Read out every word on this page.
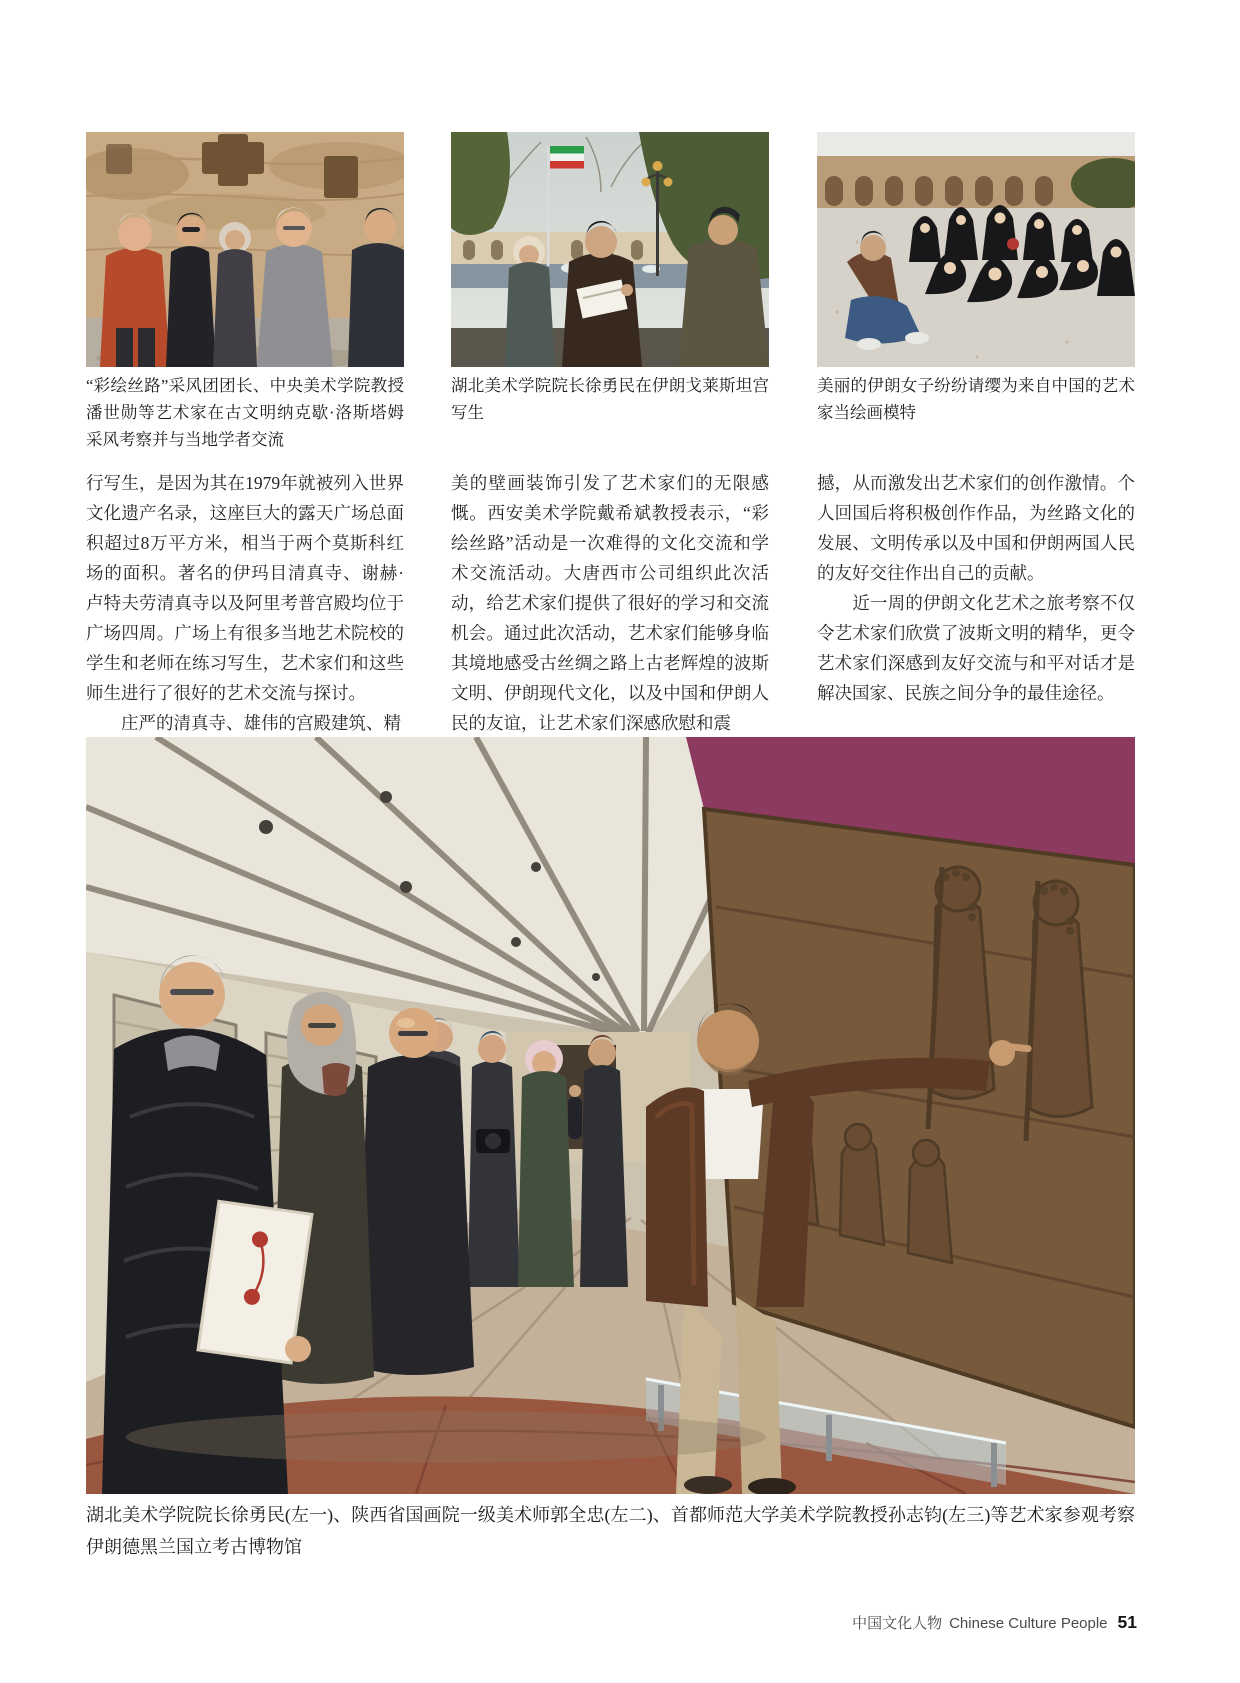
“彩绘丝路”采风团团长、中央美术学院教授潘世勋等艺术家在古文明纳克歇·洛斯塔姆采风考察并与当地学者交流
湖北美术学院院长徐勇民在伊朗戈莱斯坦宫写生
美丽的伊朗女子纷纷请缨为来自中国的艺术家当绘画模特

行写生，是因为其在1979年就被列入世界文化遗产名录，这座巨大的露天广场总面积超过8万平方米，相当于两个莫斯科红场的面积。著名的伊玛目清真寺、谢赫·卢特夫劳清真寺以及阿里考普宫殿均位于广场四周。广场上有很多当地艺术院校的学生和老师在练习写生，艺术家们和这些师生进行了很好的艺术交流与探讨。

　　庄严的清真寺、雄伟的宫殿建筑、精

美的壁画装饰引发了艺术家们的无限感慨。西安美术学院戴希斌教授表示，“彩绘丝路”活动是一次难得的文化交流和学术交流活动。大唐西市公司组织此次活动，给艺术家们提供了很好的学习和交流机会。通过此次活动，艺术家们能够身临其境地感受古丝绸之路上古老辉煌的波斯文明、伊朗现代文化，以及中国和伊朗人民的友谊，让艺术家们深感欣慰和震

撼，从而激发出艺术家们的创作激情。个人回国后将积极创作作品，为丝路文化的发展、文明传承以及中国和伊朗两国人民的友好交往作出自己的贡献。

　　近一周的伊朗文化艺术之旅考察不仅令艺术家们欣赏了波斯文明的精华，更令艺术家们深感到友好交流与和平对话才是解决国家、民族之间分争的最佳途径。

湖北美术学院院长徐勇民(左一)、陕西省国画院一级美术师郭全忠(左二)、首都师范大学美术学院教授孙志钧(左三)等艺术家参观考察伊朗德黑兰国立考古博物馆
中国文化人物 Chinese Culture People 51
